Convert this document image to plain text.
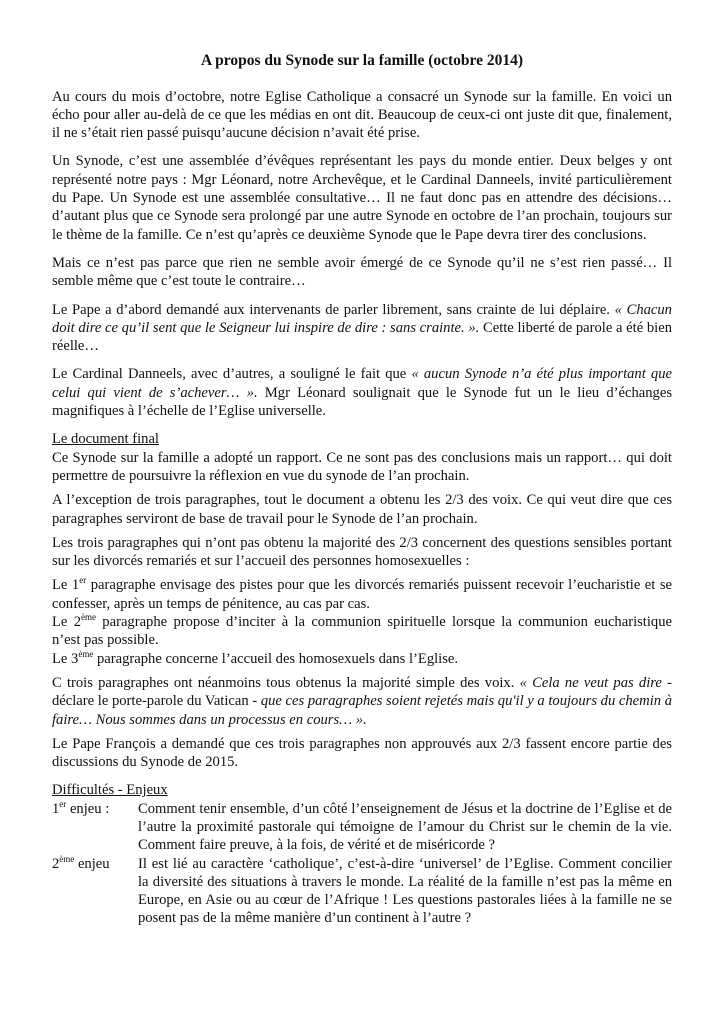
A propos du Synode sur la famille (octobre 2014)

Au cours du mois d’octobre, notre Eglise Catholique a consacré un Synode sur la famille. En voici un écho pour aller au-delà de ce que les médias en ont dit. Beaucoup de ceux-ci ont juste dit que, finalement, il ne s’était rien passé puisqu’aucune décision n’avait été prise.

Un Synode, c’est une assemblée d’évêques représentant les pays du monde entier. Deux belges y ont représenté notre pays : Mgr Léonard, notre Archevêque, et le Cardinal Danneels, invité particulièrement du Pape. Un Synode est une assemblée consultative… Il ne faut donc pas en attendre des décisions… d’autant plus que ce Synode sera prolongé par une autre Synode en octobre de l’an prochain, toujours sur le thème de la famille. Ce n’est qu’après ce deuxième Synode que le Pape devra tirer des conclusions.

Mais ce n’est pas parce que rien ne semble avoir émergé de ce Synode qu’il ne s’est rien passé… Il semble même que c’est toute le contraire…

Le Pape a d’abord demandé aux intervenants de parler librement, sans crainte de lui déplaire. « Chacun doit dire ce qu’il sent que le Seigneur lui inspire de dire : sans crainte. ». Cette liberté de parole a été bien réelle…

Le Cardinal Danneels, avec d’autres, a souligné le fait que « aucun Synode n’a été plus important que celui qui vient de s’achever… ». Mgr Léonard soulignait que le Synode fut un le lieu d’échanges magnifiques à l’échelle de l’Eglise universelle.

Le document final

Ce Synode sur la famille a adopté un rapport. Ce ne sont pas des conclusions mais un rapport… qui doit permettre de poursuivre la réflexion en vue du synode de l’an prochain.

A l’exception de trois paragraphes, tout le document a obtenu les 2/3 des voix. Ce qui veut dire que ces paragraphes serviront de base de travail pour le Synode de l’an prochain.

Les trois paragraphes qui n’ont pas obtenu la majorité des 2/3 concernent des questions sensibles portant sur les divorcés remariés et sur l’accueil des personnes homosexuelles :

Le 1er paragraphe envisage des pistes pour que les divorcés remariés puissent recevoir l’eucharistie et se confesser, après un temps de pénitence, au cas par cas.

Le 2ème paragraphe propose d’inciter à la communion spirituelle lorsque la communion eucharistique n’est pas possible.

Le 3ème paragraphe concerne l’accueil des homosexuels dans l’Eglise.

C trois paragraphes ont néanmoins tous obtenus la majorité simple des voix. « Cela ne veut pas dire - déclare le porte-parole du Vatican - que ces paragraphes soient rejetés mais qu'il y a toujours du chemin à faire… Nous sommes dans un processus en cours… ».

Le Pape François a demandé que ces trois paragraphes non approuvés aux 2/3 fassent encore partie des discussions du Synode de 2015.

Difficultés - Enjeux

1er enjeu :	Comment tenir ensemble, d’un côté l’enseignement de Jésus et la doctrine de l’Eglise et de l’autre la proximité pastorale qui témoigne de l’amour du Christ sur le chemin de la vie. Comment faire preuve, à la fois, de vérité et de miséricorde ?
2ème enjeu	Il est lié au caractère ‘catholique’, c’est-à-dire ‘universel’ de l’Eglise. Comment concilier la diversité des situations à travers le monde. La réalité de la famille n’est pas la même en Europe, en Asie ou au cœur de l’Afrique ! Les questions pastorales liées à la famille ne se posent pas de la même manière d’un continent à l’autre ?
